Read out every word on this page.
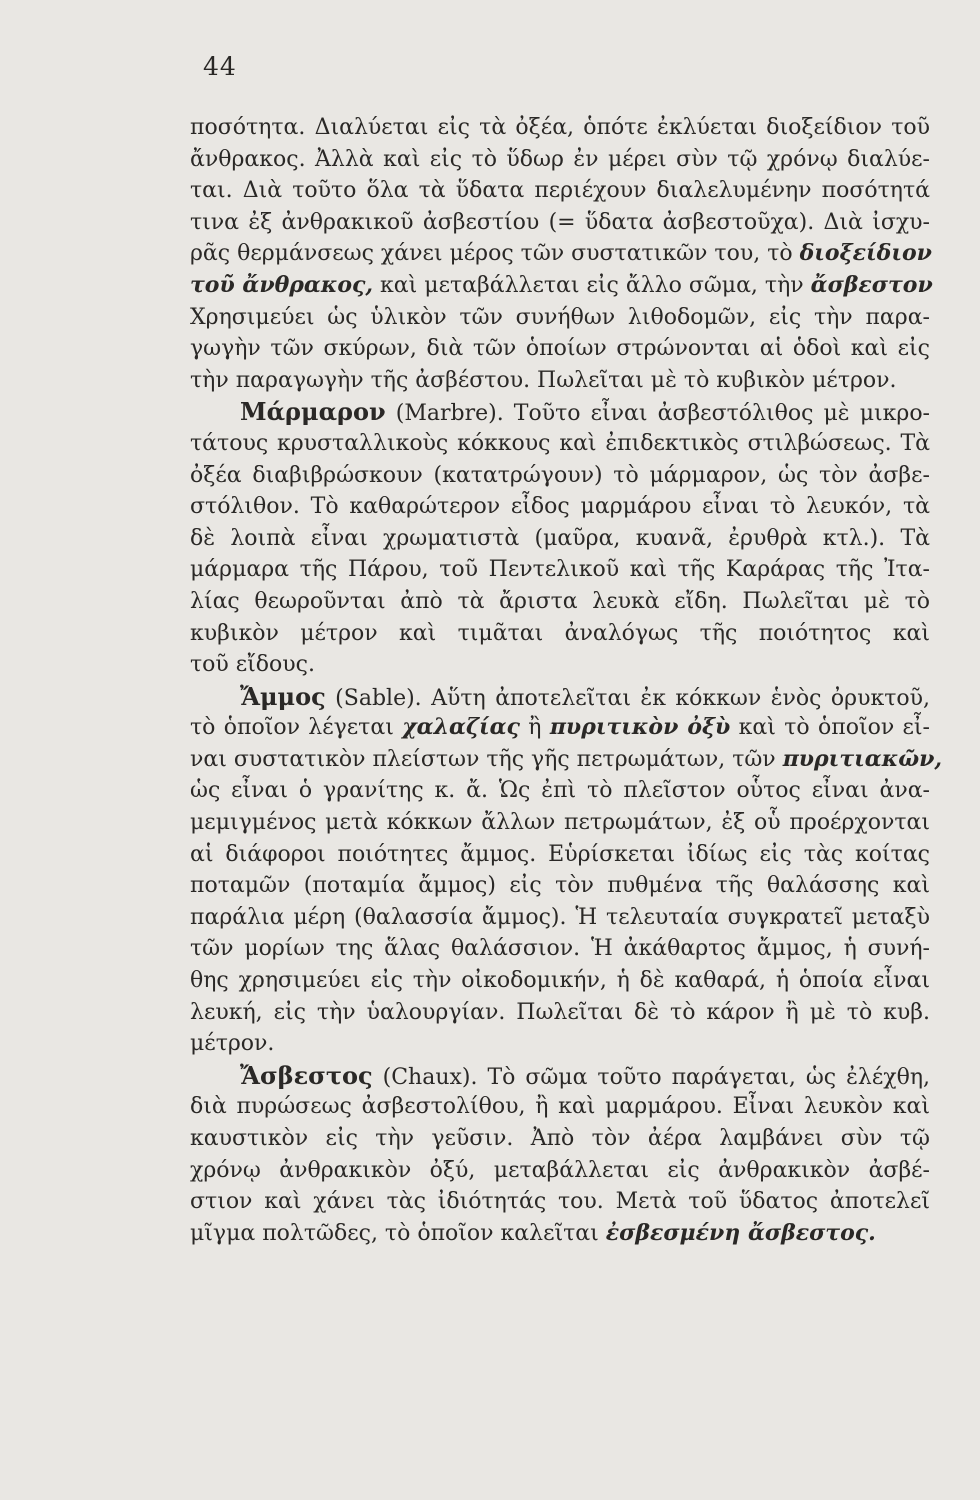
44
ποσότητα. Διαλύεται εἰς τὰ ὀξέα, ὁπότε ἐκλύεται διοξείδιον τοῦ
ἄνθρακος. Ἀλλὰ καὶ εἰς τὸ ὕδωρ ἐν μέρει σὺν τῷ χρόνῳ διαλύε-
ται. Διὰ τοῦτο ὅλα τὰ ὕδατα περιέχουν διαλελυμένην ποσότητά
τινα ἐξ ἀνθρακικοῦ ἀσβεστίου (= ὕδατα ἀσβεστοῦχα). Διὰ ἰσχυ-
ρᾶς θερμάνσεως χάνει μέρος τῶν συστατικῶν του, τὸ διοξείδιον
τοῦ ἄνθρακος, καὶ μεταβάλλεται εἰς ἄλλο σῶμα, τὴν ἄσβεστον
Χρησιμεύει ὡς ὑλικὸν τῶν συνήθων λιθοδομῶν, εἰς τὴν παρα-
γωγὴν τῶν σκύρων, διὰ τῶν ὁποίων στρώνονται αἱ ὁδοὶ καὶ εἰς
τὴν παραγωγὴν τῆς ἀσβέστου. Πωλεῖται μὲ τὸ κυβικὸν μέτρον.
Μάρμαρον (Marbre). Τοῦτο εἶναι ἀσβεστόλιθος μὲ μικρο-
τάτους κρυσταλλικοὺς κόκκους καὶ ἐπιδεκτικὸς στιλβώσεως. Τὰ
ὀξέα διαβιβρώσκουν (κατατρώγουν) τὸ μάρμαρον, ὡς τὸν ἀσβε-
στόλιθον. Τὸ καθαρώτερον εἶδος μαρμάρου εἶναι τὸ λευκόν, τὰ
δὲ λοιπὰ εἶναι χρωματιστὰ (μαῦρα, κυανᾶ, ἐρυθρὰ κτλ.). Τὰ
μάρμαρα τῆς Πάρου, τοῦ Πεντελικοῦ καὶ τῆς Καράρας τῆς Ἰτα-
λίας θεωροῦνται ἀπὸ τὰ ἄριστα λευκὰ εἴδη. Πωλεῖται μὲ τὸ
κυβικὸν μέτρον καὶ τιμᾶται ἀναλόγως τῆς ποιότητος καὶ
τοῦ εἴδους.
Ἄμμος (Sable). Αὕτη ἀποτελεῖται ἐκ κόκκων ἑνὸς ὀρυκτοῦ,
τὸ ὁποῖον λέγεται χαλαζίας ἢ πυριτικὸν ὀξὺ καὶ τὸ ὁποῖον εἶ-
ναι συστατικὸν πλείστων τῆς γῆς πετρωμάτων, τῶν πυριτιακῶν,
ὡς εἶναι ὁ γρανίτης κ. ἄ. Ὡς ἐπὶ τὸ πλεῖστον οὗτος εἶναι ἀνα-
μεμιγμένος μετὰ κόκκων ἄλλων πετρωμάτων, ἐξ οὗ προέρχονται
αἱ διάφοροι ποιότητες ἄμμος. Εὑρίσκεται ἰδίως εἰς τὰς κοίτας
ποταμῶν (ποταμία ἄμμος) εἰς τὸν πυθμένα τῆς θαλάσσης καὶ
παράλια μέρη (θαλασσία ἄμμος). Ἡ τελευταία συγκρατεῖ μεταξὺ
τῶν μορίων της ἅλας θαλάσσιον. Ἡ ἀκάθαρτος ἄμμος, ἡ συνή-
θης χρησιμεύει εἰς τὴν οἰκοδομικήν, ἡ δὲ καθαρά, ἡ ὁποία εἶναι
λευκή, εἰς τὴν ὑαλουργίαν. Πωλεῖται δὲ τὸ κάρον ἢ μὲ τὸ κυβ.
μέτρον.
Ἄσβεστος (Chaux). Τὸ σῶμα τοῦτο παράγεται, ὡς ἐλέχθη,
διὰ πυρώσεως ἀσβεστολίθου, ἢ καὶ μαρμάρου. Εἶναι λευκὸν καὶ
καυστικὸν εἰς τὴν γεῦσιν. Ἀπὸ τὸν ἀέρα λαμβάνει σὺν τῷ
χρόνῳ ἀνθρακικὸν ὀξύ, μεταβάλλεται εἰς ἀνθρακικὸν ἀσβέ-
στιον καὶ χάνει τὰς ἰδιότητάς του. Μετὰ τοῦ ὕδατος ἀποτελεῖ
μῖγμα πολτῶδες, τὸ ὁποῖον καλεῖται ἐσβεσμένη ἄσβεστος.
